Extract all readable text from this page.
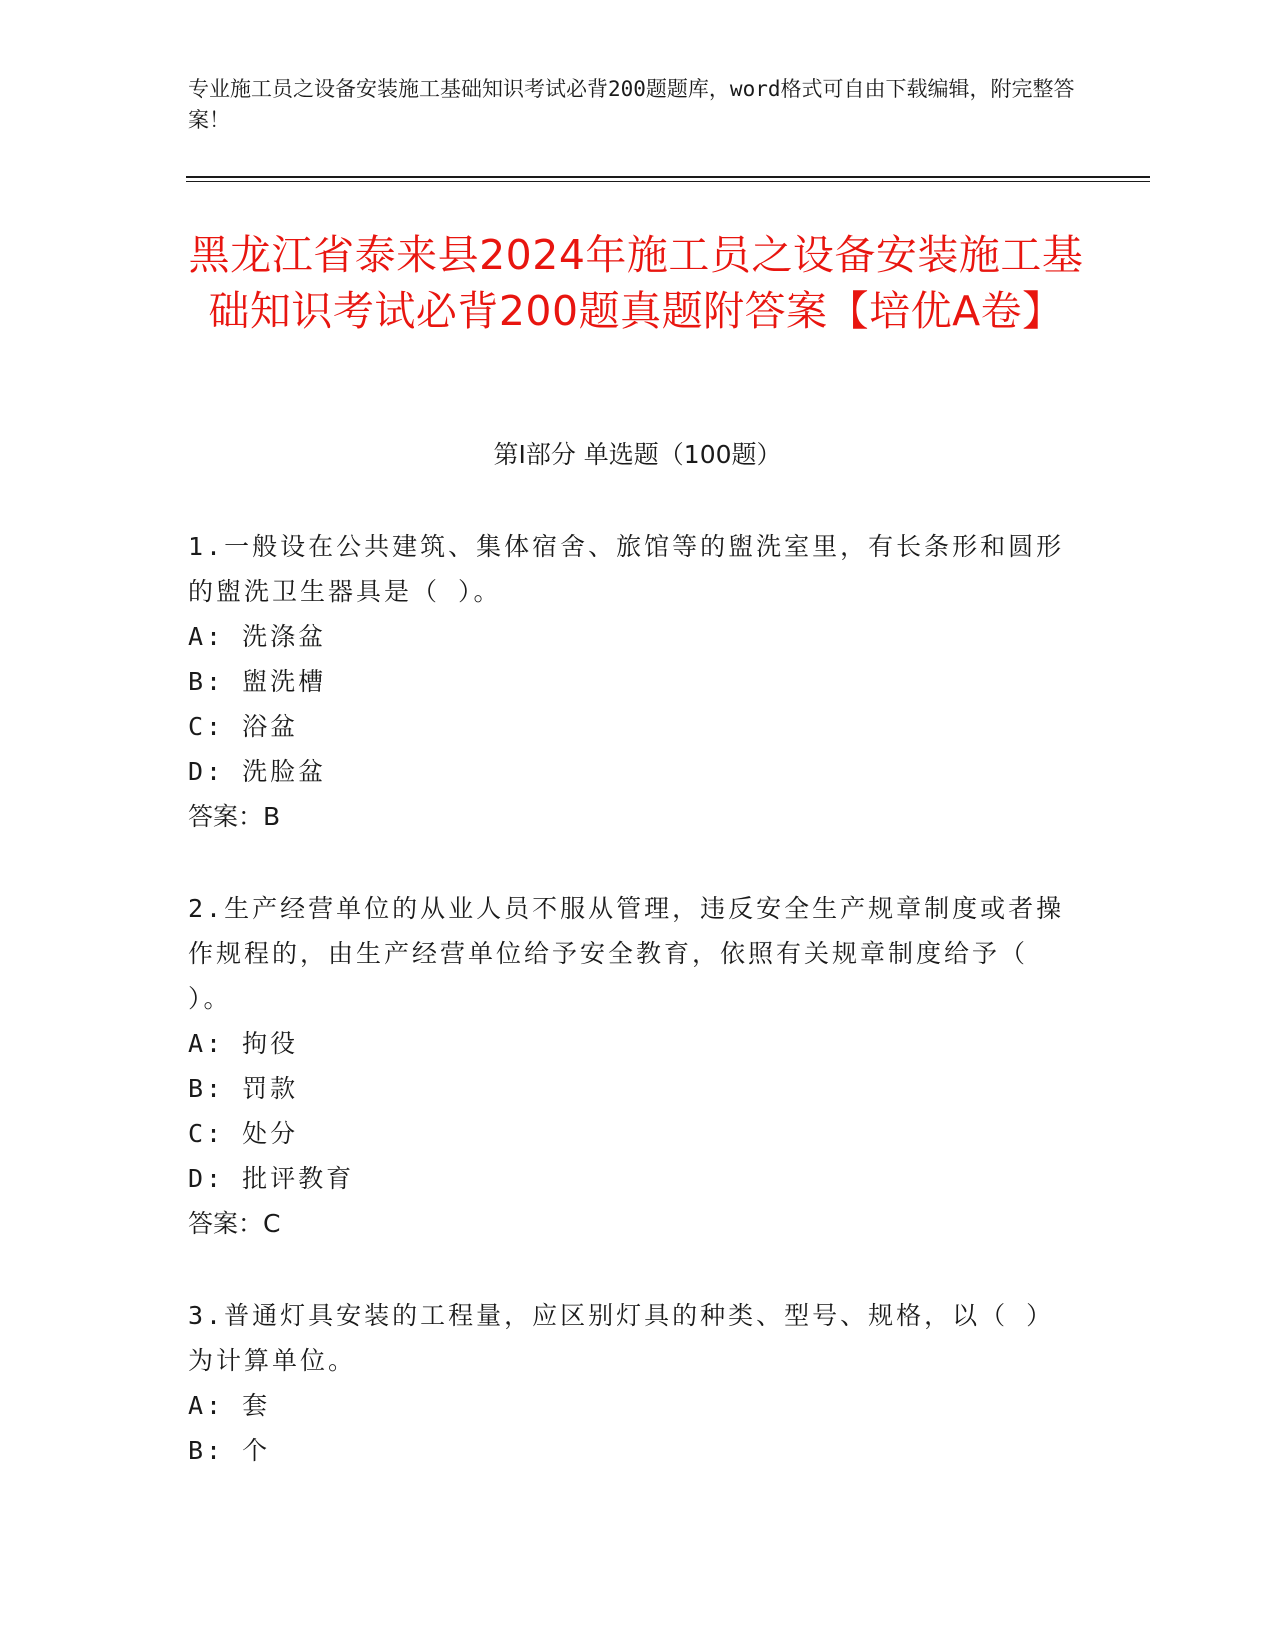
专业施工员之设备安装施工基础知识考试必背200题题库，word格式可自由下载编辑，附完整答案！
黑龙江省泰来县2024年施工员之设备安装施工基础知识考试必背200题真题附答案【培优A卷】
第Ⅰ部分 单选题（100题）
1.一般设在公共建筑、集体宿舍、旅馆等的盥洗室里，有长条形和圆形的盥洗卫生器具是（ ）。
A: 洗涤盆
B: 盥洗槽
C: 浴盆
D: 洗脸盆
答案：B
2.生产经营单位的从业人员不服从管理，违反安全生产规章制度或者操作规程的，由生产经营单位给予安全教育，依照有关规章制度给予（ ）。
A: 拘役
B: 罚款
C: 处分
D: 批评教育
答案：C
3.普通灯具安装的工程量，应区别灯具的种类、型号、规格，以（ ）为计算单位。
A: 套
B: 个
